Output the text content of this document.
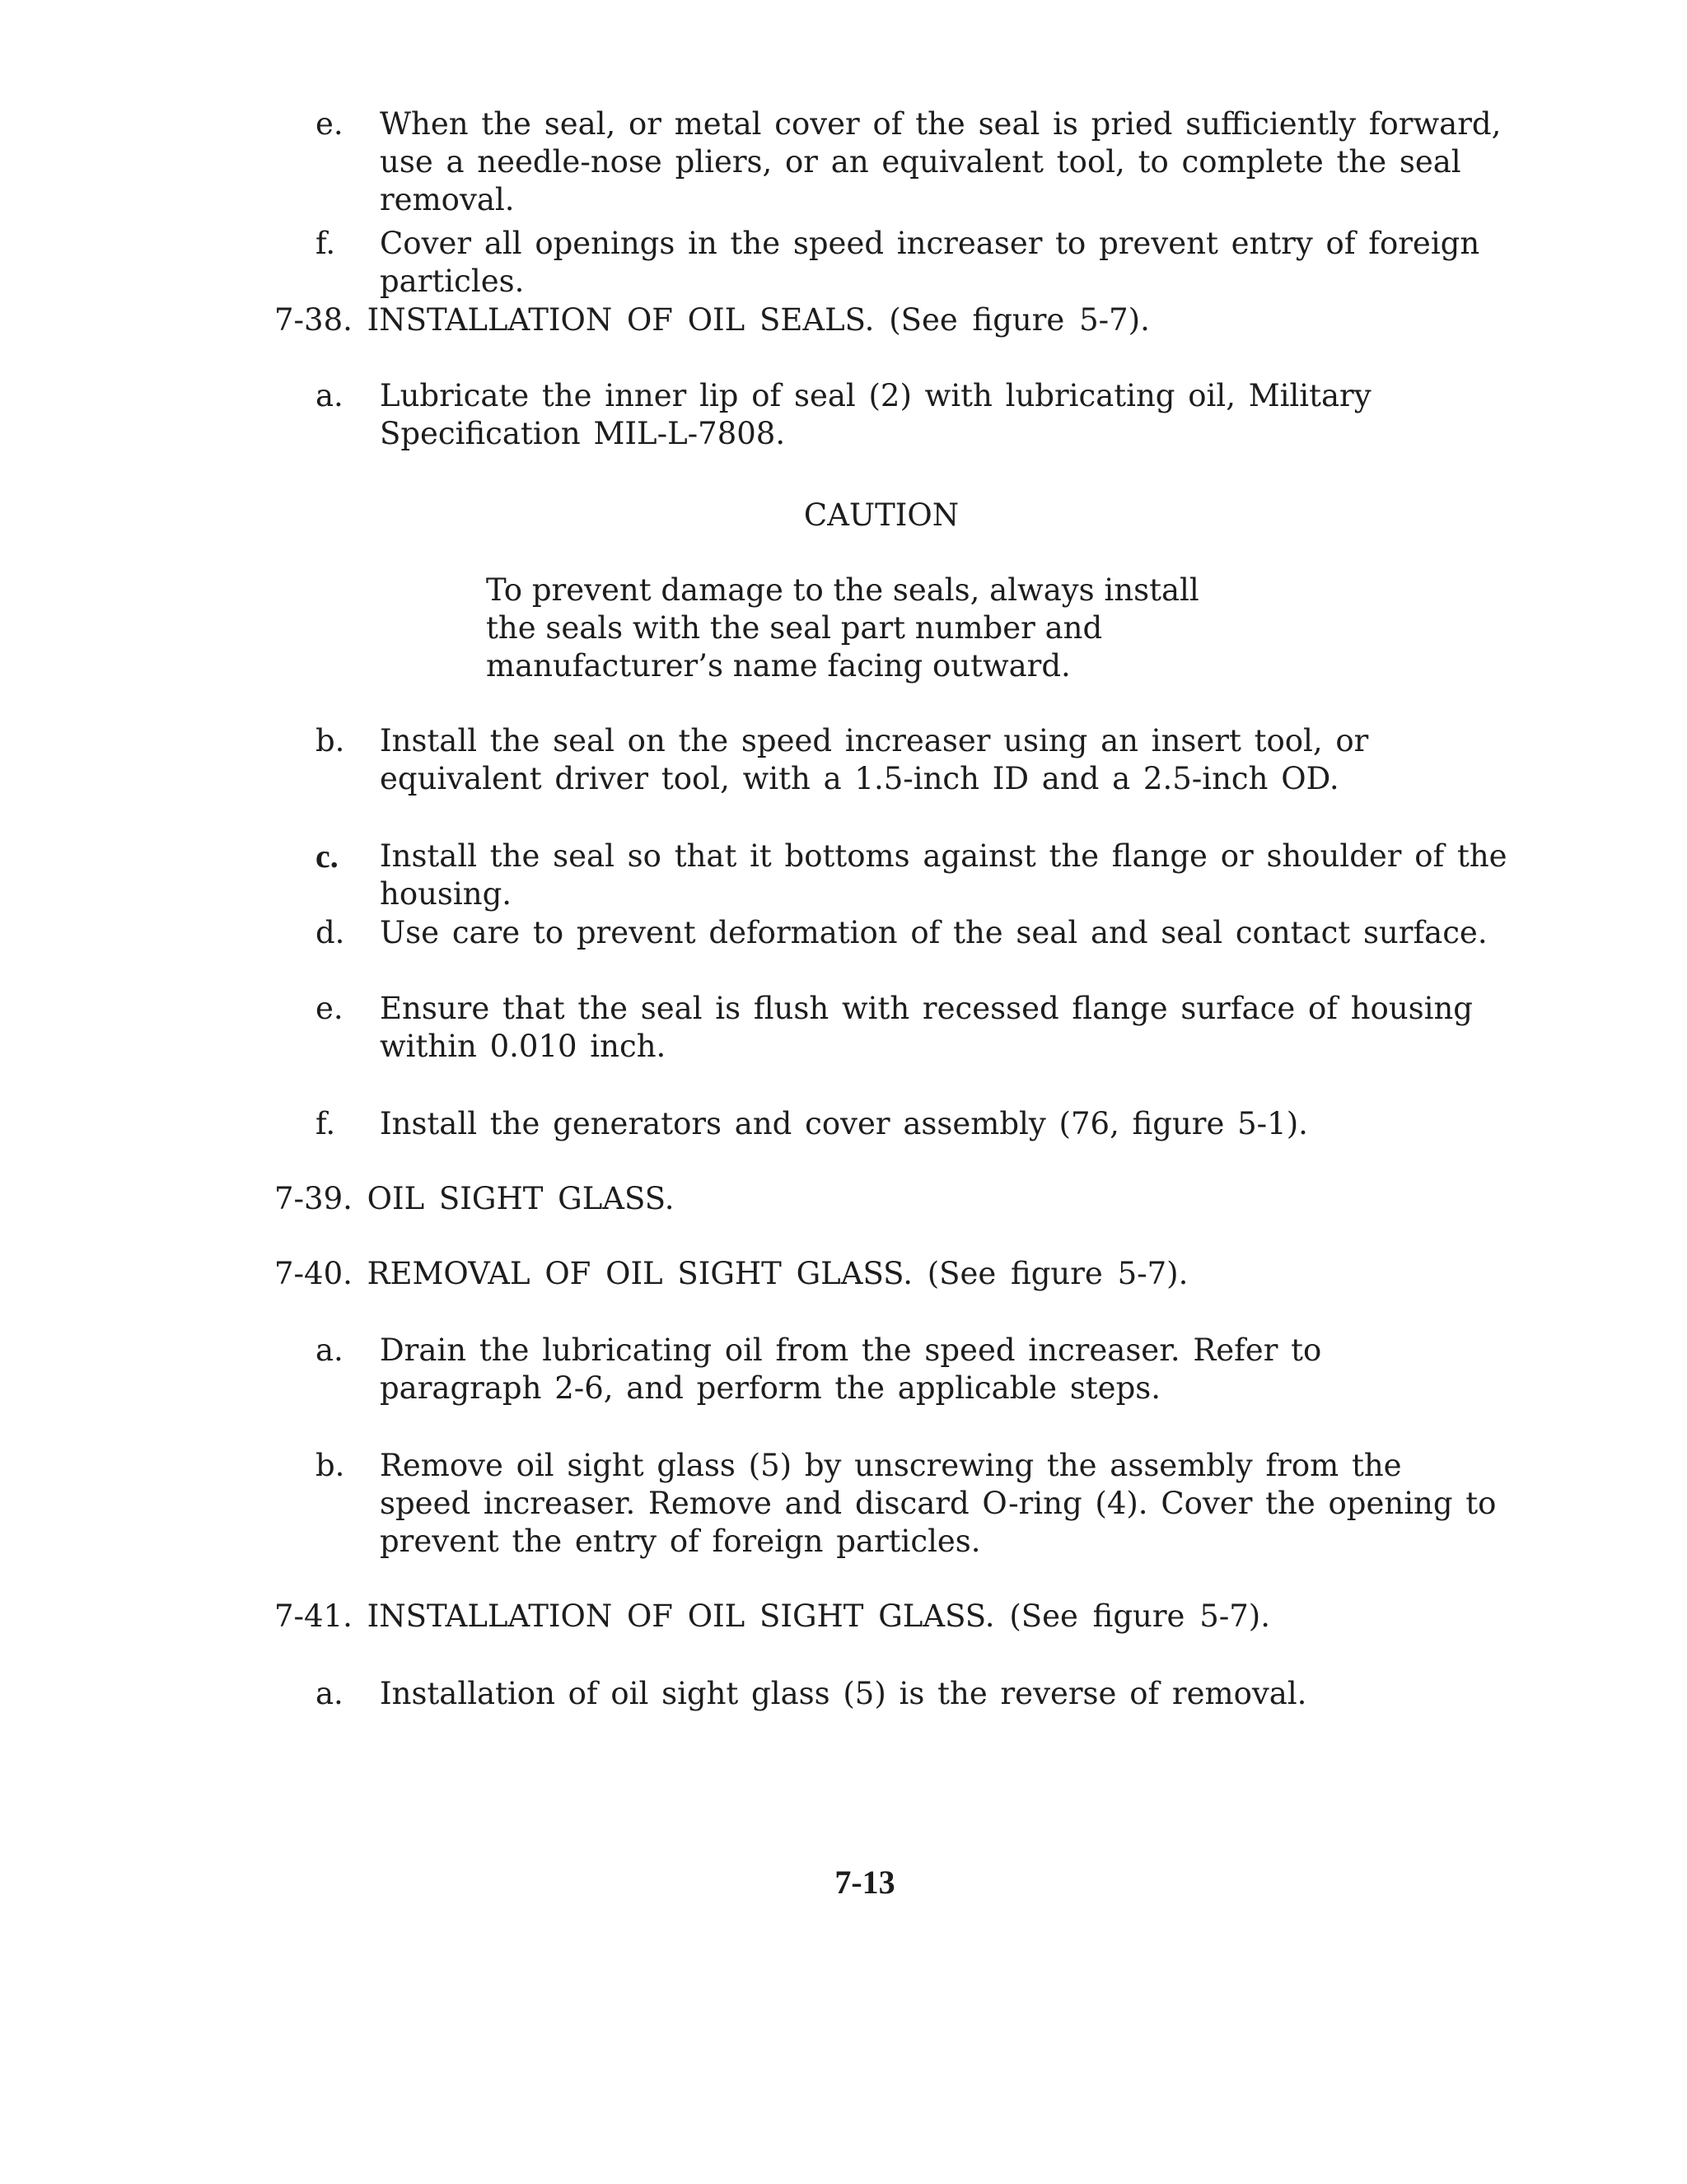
e.	When the seal, or metal cover of the seal is pried sufficiently forward, use a needle-nose pliers, or an equivalent tool, to complete the seal removal.
f.	Cover all openings in the speed increaser to prevent entry of foreign particles.
7-38. INSTALLATION OF OIL SEALS. (See figure 5-7).
a.	Lubricate the inner lip of seal (2) with lubricating oil, Military Specification MIL-L-7808.
CAUTION
To prevent damage to the seals, always install the seals with the seal part number and manufacturer’s name facing outward.
b.	Install the seal on the speed increaser using an insert tool, or equivalent driver tool, with a 1.5-inch ID and a 2.5-inch OD.
c.	Install the seal so that it bottoms against the flange or shoulder of the housing.
d.	Use care to prevent deformation of the seal and seal contact surface.
e.	Ensure that the seal is flush with recessed flange surface of housing within 0.010 inch.
f.	Install the generators and cover assembly (76, figure 5-1).
7-39. OIL SIGHT GLASS.
7-40. REMOVAL OF OIL SIGHT GLASS. (See figure 5-7).
a.	Drain the lubricating oil from the speed increaser. Refer to paragraph 2-6, and perform the applicable steps.
b.	Remove oil sight glass (5) by unscrewing the assembly from the speed increaser. Remove and discard O-ring (4). Cover the opening to prevent the entry of foreign particles.
7-41. INSTALLATION OF OIL SIGHT GLASS. (See figure 5-7).
a.	Installation of oil sight glass (5) is the reverse of removal.
7-13
